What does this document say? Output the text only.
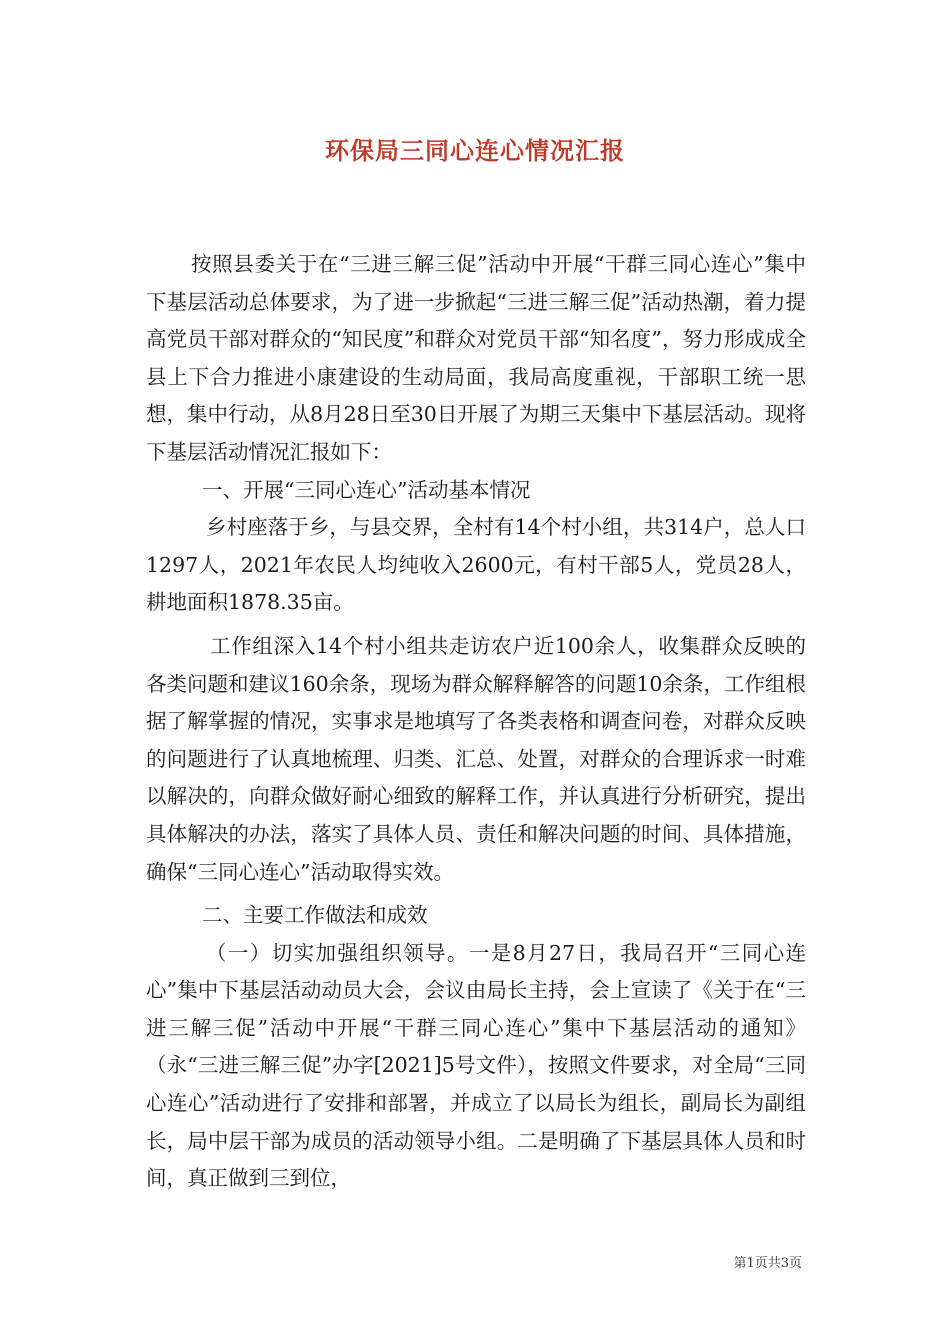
环保局三同心连心情况汇报

按照县委关于在“三进三解三促”活动中开展“干群三同心连心”集中下基层活动总体要求，为了进一步掀起“三进三解三促”活动热潮，着力提高党员干部对群众的“知民度”和群众对党员干部“知名度”，努力形成成全县上下合力推进小康建设的生动局面，我局高度重视，干部职工统一思想，集中行动，从8月28日至30日开展了为期三天集中下基层活动。现将下基层活动情况汇报如下：

一、开展“三同心连心”活动基本情况

乡村座落于乡，与县交界，全村有14个村小组，共314户，总人口1297人，2021年农民人均纯收入2600元，有村干部5人，党员28人，耕地面积1878.35亩。

工作组深入14个村小组共走访农户近100余人，收集群众反映的各类问题和建议160余条，现场为群众解释解答的问题10余条，工作组根据了解掌握的情况，实事求是地填写了各类表格和调查问卷，对群众反映的问题进行了认真地梳理、归类、汇总、处置，对群众的合理诉求一时难以解决的，向群众做好耐心细致的解释工作，并认真进行分析研究，提出具体解决的办法，落实了具体人员、责任和解决问题的时间、具体措施，确保“三同心连心”活动取得实效。

二、主要工作做法和成效

（一）切实加强组织领导。一是8月27日，我局召开“三同心连心”集中下基层活动动员大会，会议由局长主持，会上宣读了《关于在“三进三解三促”活动中开展“干群三同心连心”集中下基层活动的通知》（永“三进三解三促”办字[2021]5号文件），按照文件要求，对全局“三同心连心”活动进行了安排和部署，并成立了以局长为组长，副局长为副组长，局中层干部为成员的活动领导小组。二是明确了下基层具体人员和时间，真正做到三到位，

第1页共3页
